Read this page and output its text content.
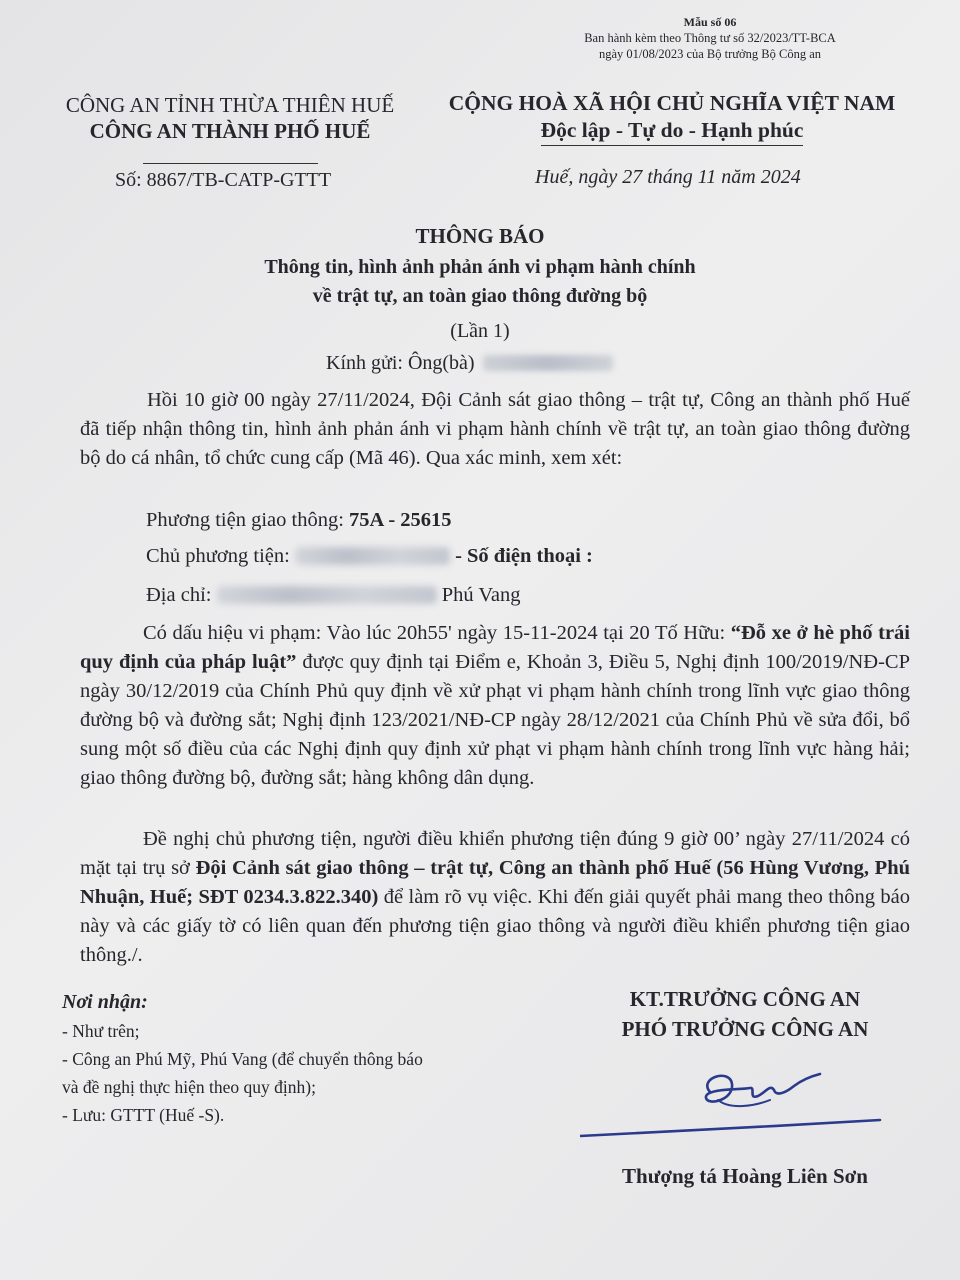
Mẫu số 06
Ban hành kèm theo Thông tư số 32/2023/TT-BCA
ngày 01/08/2023 của Bộ trưởng Bộ Công an
CÔNG AN TỈNH THỪA THIÊN HUẾ
CÔNG AN THÀNH PHỐ HUẾ
CỘNG HOÀ XÃ HỘI CHỦ NGHĨA VIỆT NAM
Độc lập - Tự do - Hạnh phúc
Số: 8867/TB-CATP-GTTT	Huế, ngày 27 tháng 11 năm 2024
THÔNG BÁO
Thông tin, hình ảnh phản ánh vi phạm hành chính
về trật tự, an toàn giao thông đường bộ
(Lần 1)
Kính gửi: Ông(bà)
Hồi 10 giờ 00 ngày 27/11/2024, Đội Cảnh sát giao thông – trật tự, Công an thành phố Huế đã tiếp nhận thông tin, hình ảnh phản ánh vi phạm hành chính về trật tự, an toàn giao thông đường bộ do cá nhân, tổ chức cung cấp (Mã 46). Qua xác minh, xem xét:
Phương tiện giao thông: 75A - 25615
Chủ phương tiện:	- Số điện thoại :
Địa chỉ:	Phú Vang
Có dấu hiệu vi phạm: Vào lúc 20h55' ngày 15-11-2024 tại 20 Tố Hữu: “Đỗ xe ở hè phố trái quy định của pháp luật” được quy định tại Điểm e, Khoản 3, Điều 5, Nghị định 100/2019/NĐ-CP ngày 30/12/2019 của Chính Phủ quy định về xử phạt vi phạm hành chính trong lĩnh vực giao thông đường bộ và đường sắt; Nghị định 123/2021/NĐ-CP ngày 28/12/2021 của Chính Phủ về sửa đổi, bổ sung một số điều của các Nghị định quy định xử phạt vi phạm hành chính trong lĩnh vực hàng hải; giao thông đường bộ, đường sắt; hàng không dân dụng.
Đề nghị chủ phương tiện, người điều khiển phương tiện đúng 9 giờ 00’ ngày 27/11/2024 có mặt tại trụ sở Đội Cảnh sát giao thông – trật tự, Công an thành phố Huế (56 Hùng Vương, Phú Nhuận, Huế; SĐT 0234.3.822.340) để làm rõ vụ việc. Khi đến giải quyết phải mang theo thông báo này và các giấy tờ có liên quan đến phương tiện giao thông và người điều khiển phương tiện giao thông./.
Nơi nhận:
- Như trên;
- Công an Phú Mỹ, Phú Vang (để chuyển thông báo
và đề nghị thực hiện theo quy định);
- Lưu: GTTT (Huế -S).
KT.TRƯỞNG CÔNG AN
PHÓ TRƯỞNG CÔNG AN
Thượng tá Hoàng Liên Sơn
